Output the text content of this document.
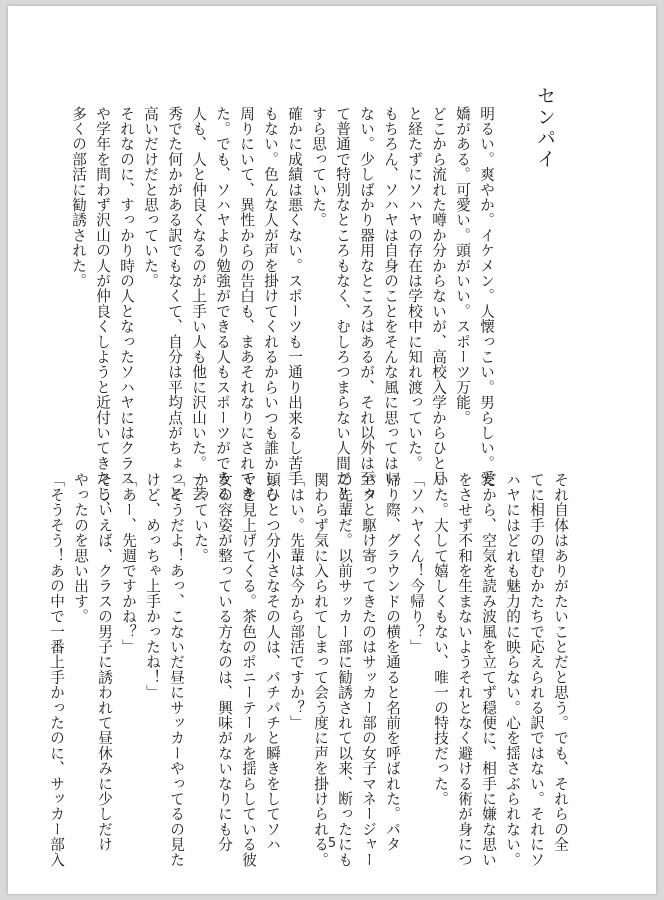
センパイ
明るい。爽やか。イケメン。人懐っこい。男らしい。愛
嬌がある。可愛い。頭がいい。スポーツ万能。
どこから流れた噂か分からないが、高校入学からひと月
と経たずにソハヤの存在は学校中に知れ渡っていた。
もちろん、ソハヤは自身のことをそんな風に思ってはい
ない。少しばかり器用なところはあるが、それ以外は至っ
て普通で特別なところもなく、むしろつまらない人間だと
すら思っていた。
確かに成績は悪くない。スポーツも一通り出来るし苦手
もない。色んな人が声を掛けてくれるからいつも誰かしら
周りにいて、異性からの告白も、まあそれなりにされてき
た。でも、ソハヤより勉強ができる人もスポーツができる
人も、人と仲良くなるのが上手い人も他に沢山いた。一芸
秀でた何かがある訳でもなくて、自分は平均点がちょっと
高いだけだと思っていた。
それなのに、すっかり時の人となったソハヤにはクラス
や学年を問わず沢山の人が仲良くしようと近付いてきたし、
多くの部活に勧誘された。
それ自体はありがたいことだと思う。でも、それらの全
てに相手の望むかたちで応えられる訳ではない。それにソ
ハヤにはどれも魅力的に映らない。心を揺さぶられない。
だから、空気を読み波風を立てず穏便に、相手に嫌な思い
をさせず不和を生まないようそれとなく避ける術が身につ
いた。大して嬉しくもない、唯一の特技だった。
「ソハヤくん！今帰り？」
帰り際、グラウンドの横を通ると名前を呼ばれた。パタ
パタと駆け寄ってきたのはサッカー部の女子マネージャー
の先輩だ。以前サッカー部に勧誘されて以来、断ったにも
関わらず気に入られてしまって会う度に声を掛けられる。
「はい。先輩は今から部活ですか？」
頭ひとつ分小さなその人は、パチパチと瞬きをしてソハ
ヤを見上げてくる。茶色のポニーテールを揺らしている彼
女の容姿が整っている方なのは、興味がないなりにも分
かっていた。
「そうだよ！あっ、こないだ昼にサッカーやってるの見た
けど、めっちゃ上手かったね！」
「あー、先週ですかね？」
そういえば、クラスの男子に誘われて昼休みに少しだけ
やったのを思い出す。
「そうそう！あの中で一番上手かったのに、サッカー部入	5
